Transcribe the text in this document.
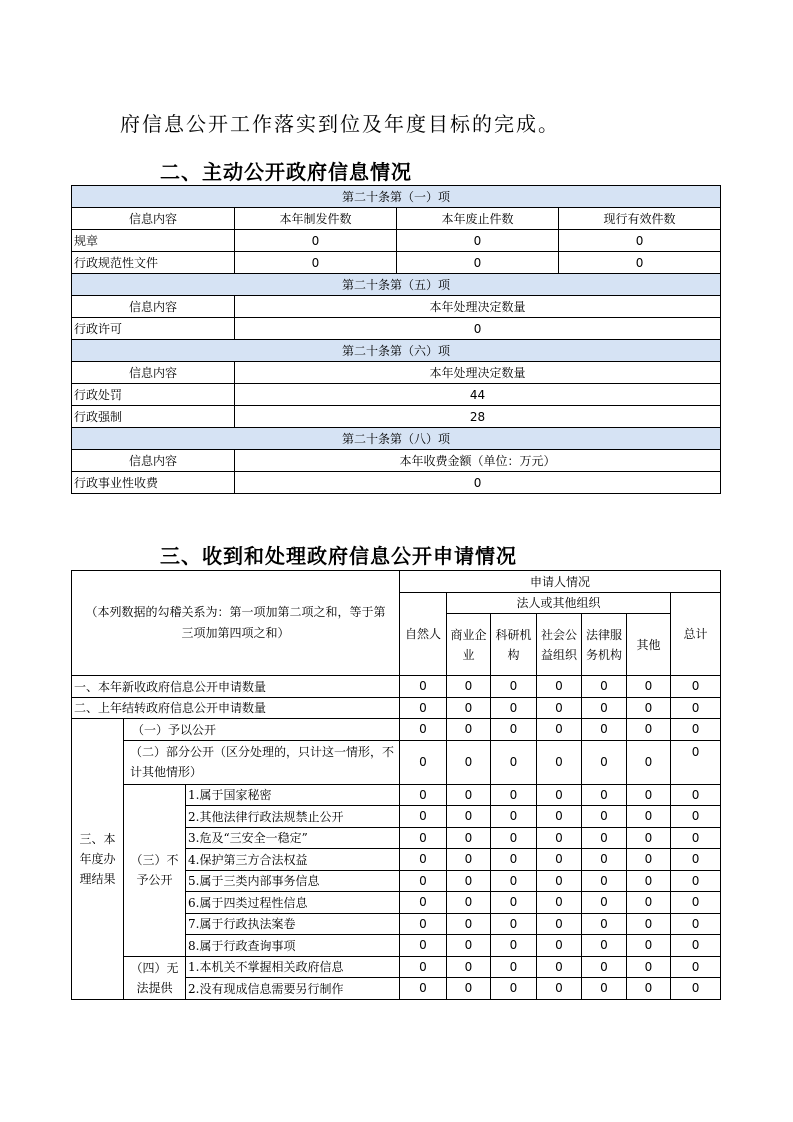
府信息公开工作落实到位及年度目标的完成。
二、主动公开政府信息情况
第二十条第（一）项			
信息内容	本年制发件数	本年废止件数	现行有效件数
规章	0	0	0
行政规范性文件	0	0	0
第二十条第（五）项			
信息内容	本年处理决定数量		
行政许可	0		
第二十条第（六）项			
信息内容	本年处理决定数量		
行政处罚	44		
行政强制	28		
第二十条第（八）项			
信息内容	本年收费金额（单位：万元）		
行政事业性收费	0		
三、收到和处理政府信息公开申请情况
（本列数据的勾稽关系为：第一项加第二项之和，等于第三项加第四项之和）			申请人情况						
			自然人	法人或其他组织					总计
				商业企业	科研机构	社会公益组织	法律服务机构	其他	
一、本年新收政府信息公开申请数量			0	0	0	0	0	0	0
二、上年结转政府信息公开申请数量			0	0	0	0	0	0	0
三、本年度办理结果	（一）予以公开		0	0	0	0	0	0	0
	（二）部分公开（区分处理的，只计这一情形，不计其他情形）		0	0	0	0	0	0	0
	（三）不予公开	1.属于国家秘密	0	0	0	0	0	0	0
		2.其他法律行政法规禁止公开	0	0	0	0	0	0	0
		3.危及“三安全一稳定”	0	0	0	0	0	0	0
		4.保护第三方合法权益	0	0	0	0	0	0	0
		5.属于三类内部事务信息	0	0	0	0	0	0	0
		6.属于四类过程性信息	0	0	0	0	0	0	0
		7.属于行政执法案卷	0	0	0	0	0	0	0
		8.属于行政查询事项	0	0	0	0	0	0	0
	（四）无法提供	1.本机关不掌握相关政府信息	0	0	0	0	0	0	0
		2.没有现成信息需要另行制作	0	0	0	0	0	0	0
